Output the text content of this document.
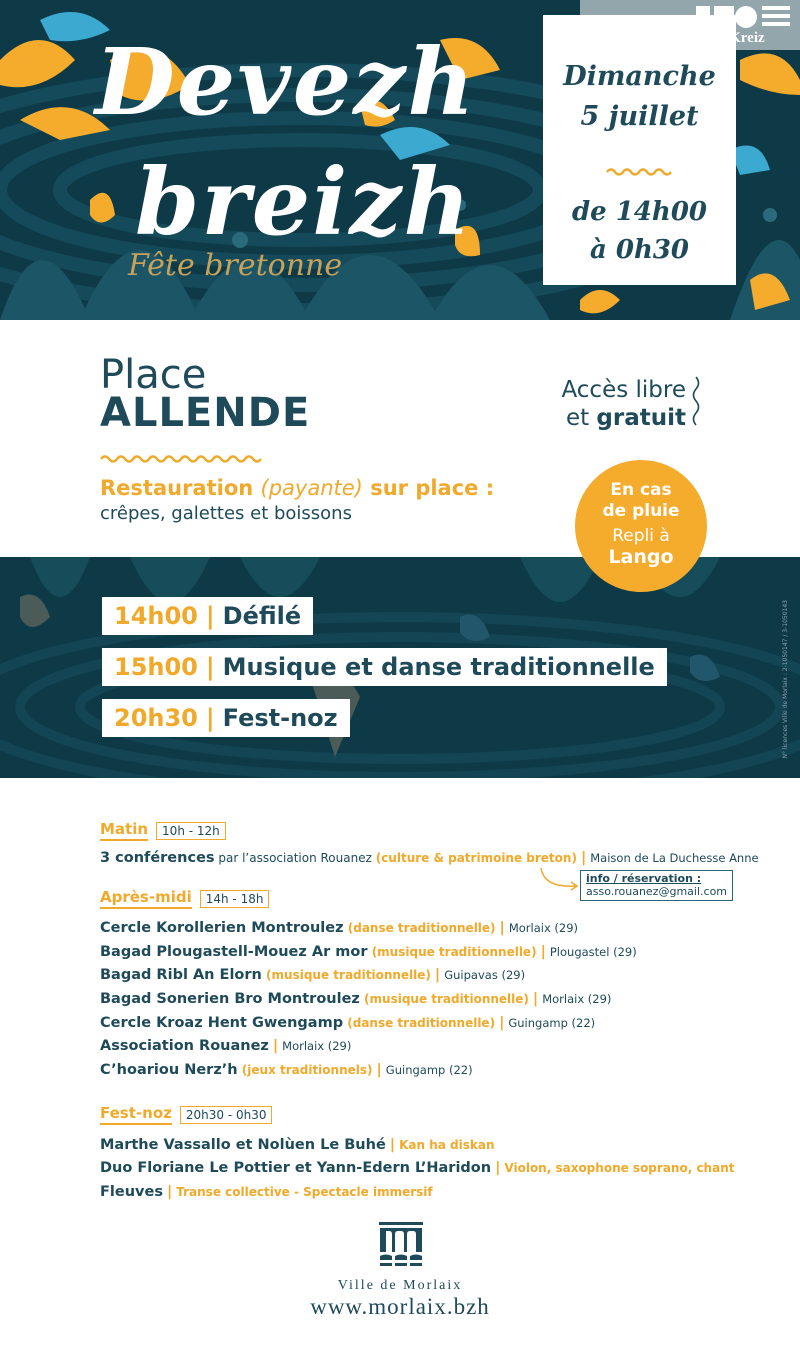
Devezh
breizh
Fête bretonne
Dimanche
5 juillet
de 14h00
à 0h30
vu sur TammKreiz
Place
ALLENDE	Accès libre
et gratuit
Restauration (payante) sur place :
crêpes, galettes et boissons
En cas
de pluie
Repli à
Lango
14h00 | Défilé
15h00 | Musique et danse traditionnelle
20h30 | Fest-noz	N° licences Ville de Morlaix : 2-1050147 / 3-1050143
Matin	10h - 12h
3 conférences par l’association Rouanez (culture & patrimoine breton) | Maison de La Duchesse Anne
info / réservation :
asso.rouanez@gmail.com
Après-midi	14h - 18h
Cercle Korollerien Montroulez (danse traditionnelle) | Morlaix (29)
Bagad Plougastell-Mouez Ar mor (musique traditionnelle) | Plougastel (29)
Bagad Ribl An Elorn (musique traditionnelle) | Guipavas (29)
Bagad Sonerien Bro Montroulez (musique traditionnelle) | Morlaix (29)
Cercle Kroaz Hent Gwengamp (danse traditionnelle) | Guingamp (22)
Association Rouanez | Morlaix (29)
C’hoariou Nerz’h (jeux traditionnels) | Guingamp (22)
Fest-noz	20h30 - 0h30
Marthe Vassallo et Nolùen Le Buhé | Kan ha diskan
Duo Floriane Le Pottier et Yann-Edern L’Haridon | Violon, saxophone soprano, chant
Fleuves | Transe collective - Spectacle immersif
Ville de Morlaix
www.morlaix.bzh
